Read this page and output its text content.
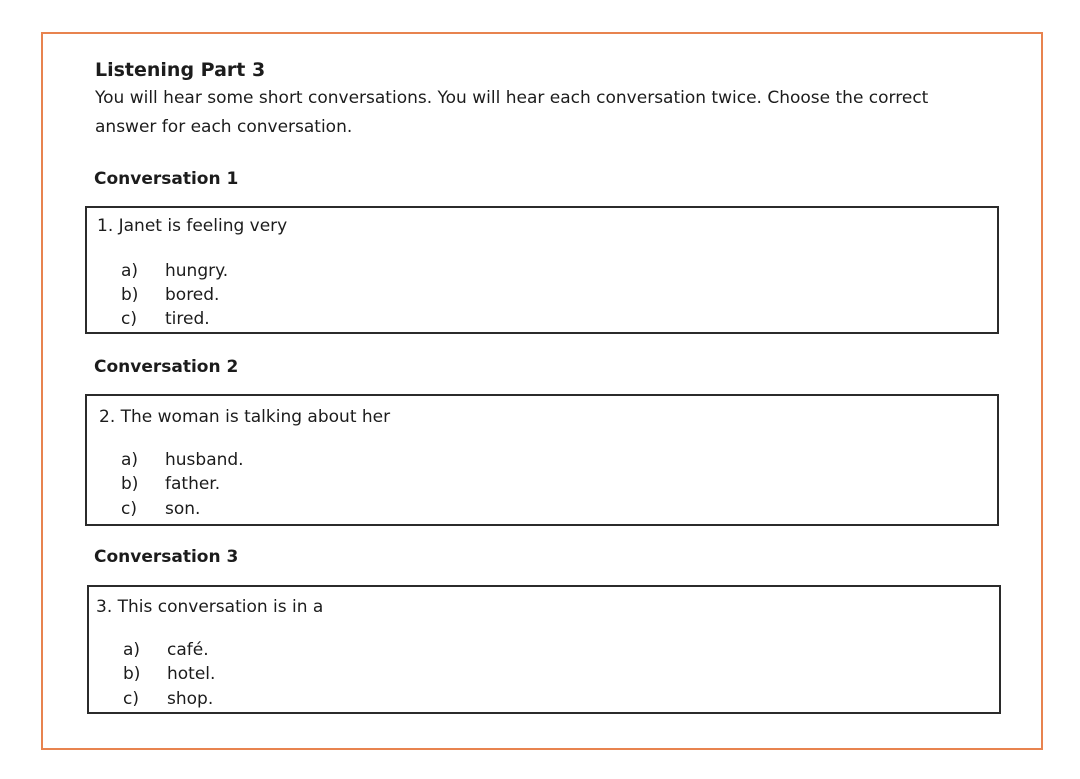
Listening Part 3

You will hear some short conversations. You will hear each conversation twice. Choose the correct answer for each conversation.

Conversation 1
1. Janet is feeling very
a) hungry.
b) bored.
c) tired.
Conversation 2
2. The woman is talking about her
a) husband.
b) father.
c) son.
Conversation 3
3. This conversation is in a
a) café.
b) hotel.
c) shop.
